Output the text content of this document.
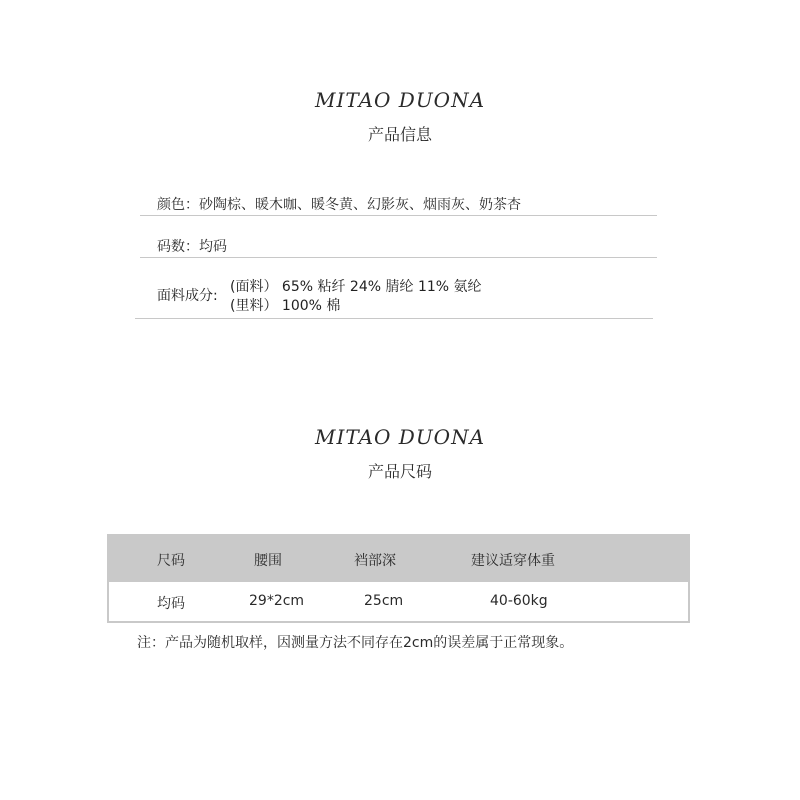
MITAO DUONA
产品信息
颜色：砂陶棕、暖木咖、暖冬黄、幻影灰、烟雨灰、奶茶杏
码数：均码
面料成分:
(面料） 65% 粘纤 24% 腈纶 11% 氨纶
(里料） 100% 棉
MITAO DUONA
产品尺码
尺码	腰围	裆部深	建议适穿体重
均码	29*2cm	25cm	40-60kg
注：产品为随机取样，因测量方法不同存在2cm的误差属于正常现象。
